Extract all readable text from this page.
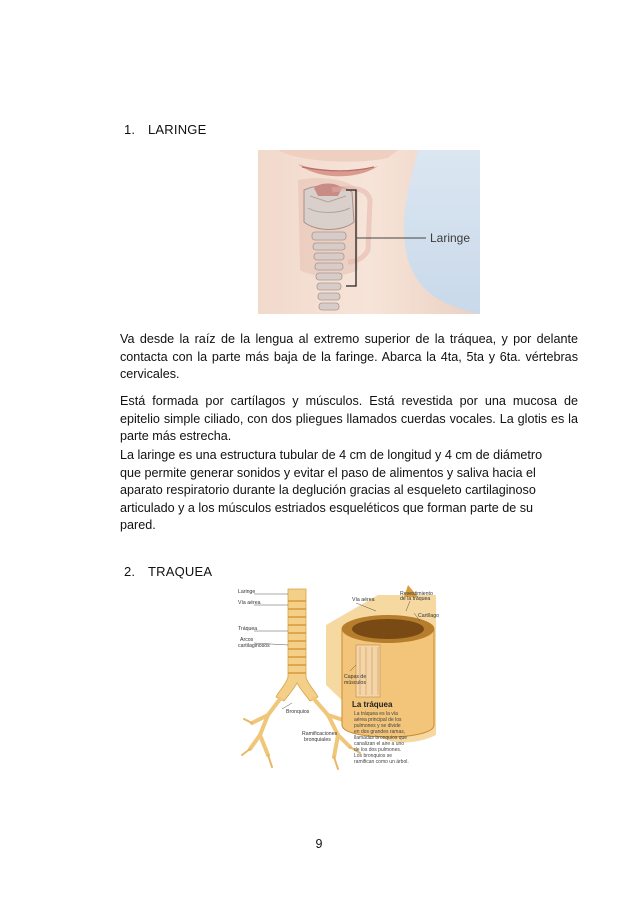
1. LARINGE
Laringe

Va desde la raíz de la lengua al extremo superior de la tráquea, y por delante contacta con la parte más baja de la faringe. Abarca la 4ta, 5ta y 6ta. vértebras cervicales.

Está formada por cartílagos y músculos. Está revestida por una mucosa de epitelio simple ciliado, con dos pliegues llamados cuerdas vocales. La glotis es la parte más estrecha.

La laringe es una estructura tubular de 4 cm de longitud y 4 cm de diámetro que permite generar sonidos y evitar el paso de alimentos y saliva hacia el aparato respiratorio durante la deglución gracias al esqueleto cartilaginoso articulado y a los músculos estriados esqueléticos que forman parte de su pared.

2. TRAQUEA
Laringe
Vía aérea
Tráquea
Arcos
cartilaginosos
Bronquios
Ramificaciones
bronquiales
Vía aérea
Revestimiento
de la tráquea
Cartílago
Capas de
músculos
La tráquea
La tráquea es la vía
aérea principal de los
pulmones y se divide
en dos grandes ramas,
llamadas bronquios que
canalizan el aire a uno
de los dos pulmones.
Los bronquios se
ramifican como un árbol.
9
